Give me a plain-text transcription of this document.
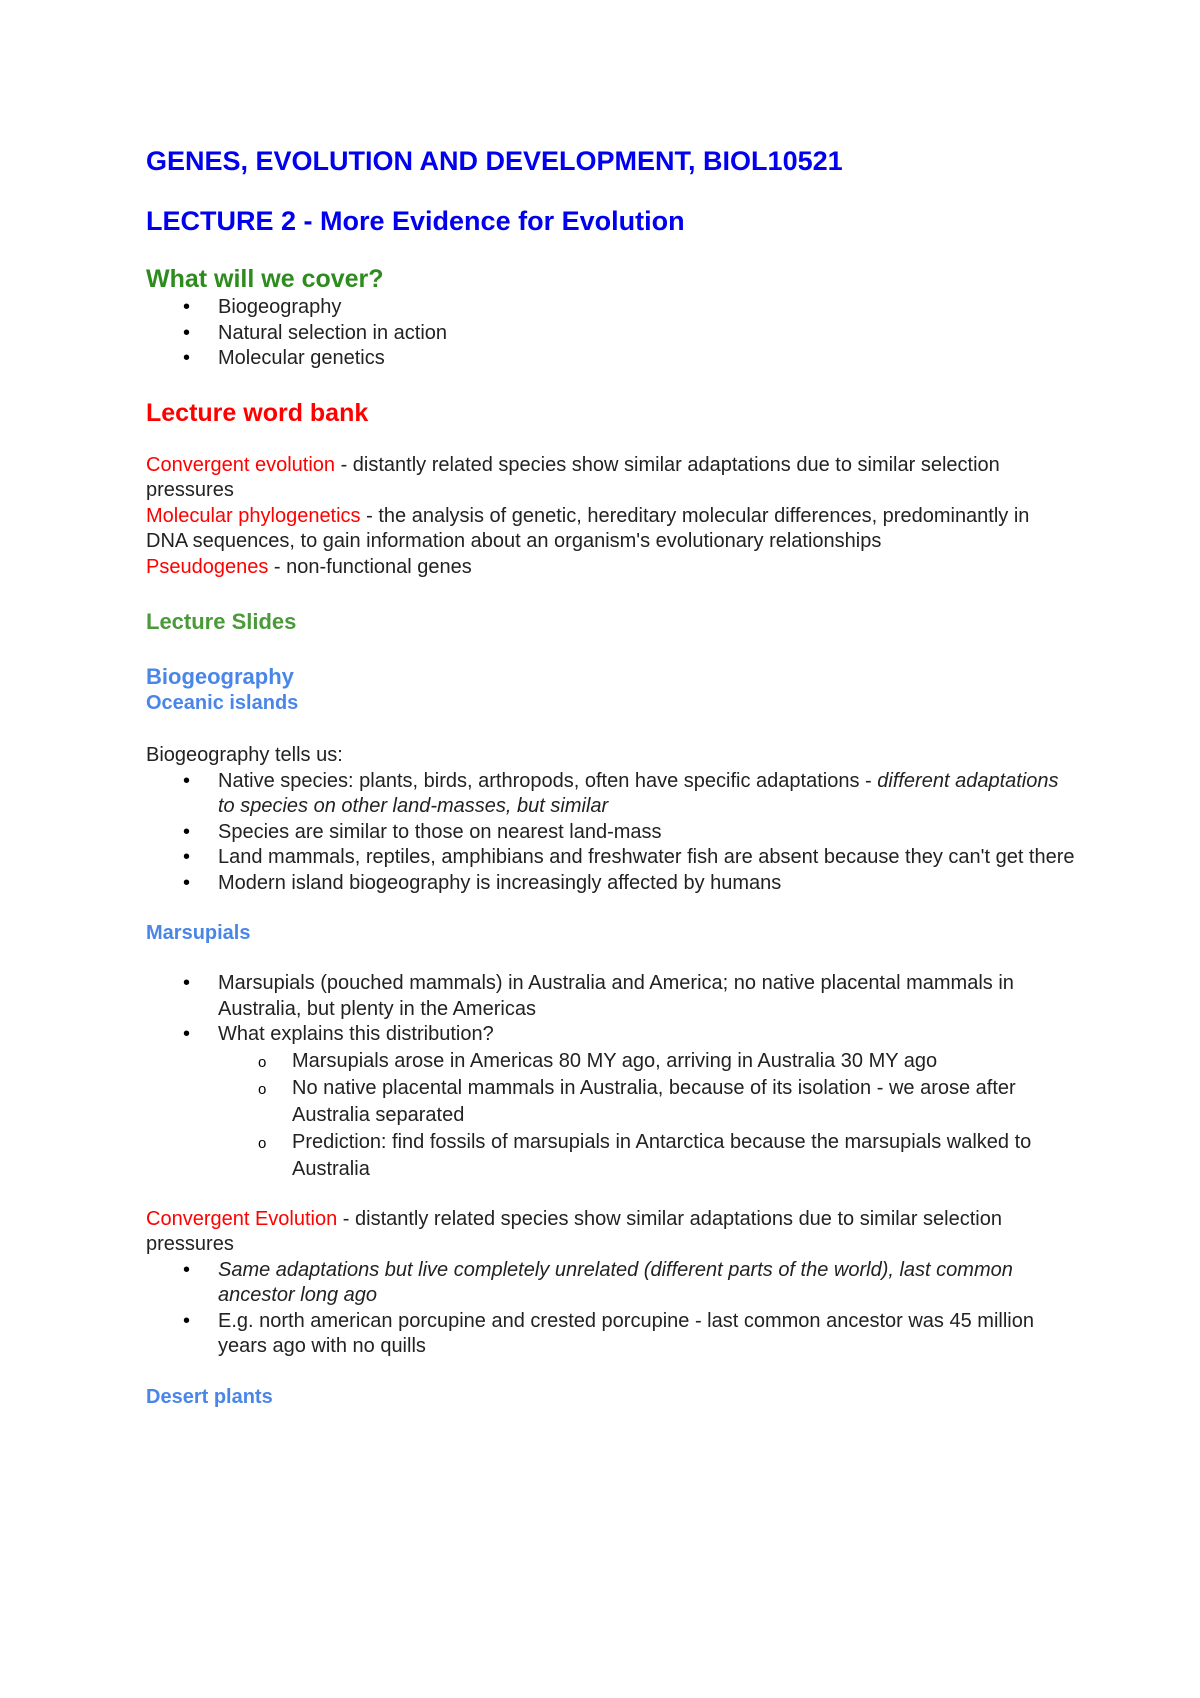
GENES, EVOLUTION AND DEVELOPMENT, BIOL10521
LECTURE 2 - More Evidence for Evolution
What will we cover?
• Biogeography
• Natural selection in action
• Molecular genetics
Lecture word bank

Convergent evolution - distantly related species show similar adaptations due to similar selection pressures

Molecular phylogenetics - the analysis of genetic, hereditary molecular differences, predominantly in DNA sequences, to gain information about an organism's evolutionary relationships

Pseudogenes - non-functional genes

Lecture Slides
Biogeography
Oceanic islands

Biogeography tells us:

• Native species: plants, birds, arthropods, often have specific adaptations - different adaptations to species on other land-masses, but similar
• Species are similar to those on nearest land-mass
• Land mammals, reptiles, amphibians and freshwater fish are absent because they can't get there
• Modern island biogeography is increasingly affected by humans
Marsupials
• Marsupials (pouched mammals) in Australia and America; no native placental mammals in Australia, but plenty in the Americas
• What explains this distribution?
o Marsupials arose in Americas 80 MY ago, arriving in Australia 30 MY ago
o No native placental mammals in Australia, because of its isolation - we arose after Australia separated
o Prediction: find fossils of marsupials in Antarctica because the marsupials walked to Australia

Convergent Evolution - distantly related species show similar adaptations due to similar selection pressures

• Same adaptations but live completely unrelated (different parts of the world), last common ancestor long ago
• E.g. north american porcupine and crested porcupine - last common ancestor was 45 million years ago with no quills
Desert plants
